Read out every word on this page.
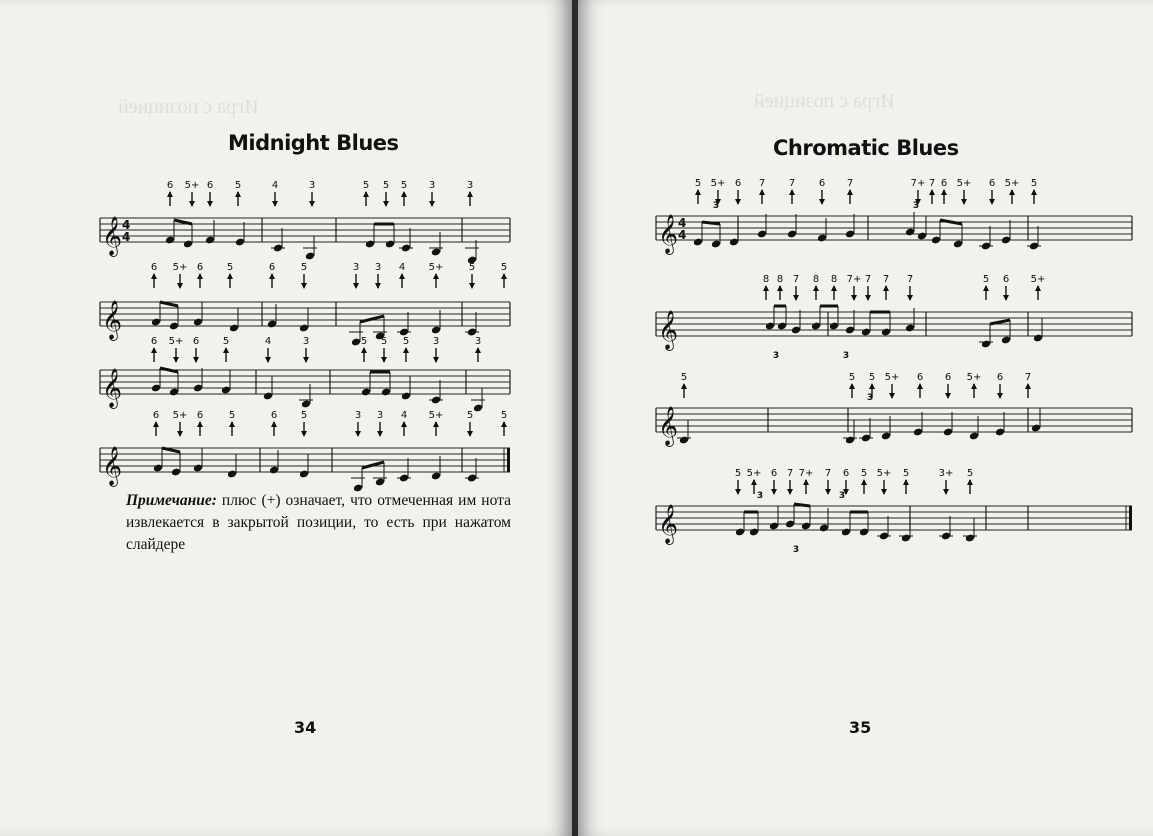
Игра с позицией
Midnight Blues
𝄞 4
4
6 5+ 6 5	4	3	5 5 5 3	3
𝄞
6 5+ 6 5	6	5	3 3 4 5+	5	5
𝄞
6 5+ 6 5	4	3	5 5 5 3	3
𝄞
6 5+ 6	5	6 5	3 3 4 5+ 5	5
Примечание: плюс (+) означает, что отмеченная им нота извлекается в закрытой позиции, то есть при нажатом слайдере
34
Игра с позицией
Chromatic Blues
𝄞 4
4
5 5+ 6 7 7 6 7	7+ 7 6 5+ 6 5+ 5
3	3
𝄞
8 8 7 8 8 7+ 7 7 7	5 6 5+
3	3
𝄞
5	5 5 5+ 6 6 5+ 6 7
3
𝄞
5 5+ 6 7 7+ 7 6 5 5+ 5	3+ 5
3	3
3
35
